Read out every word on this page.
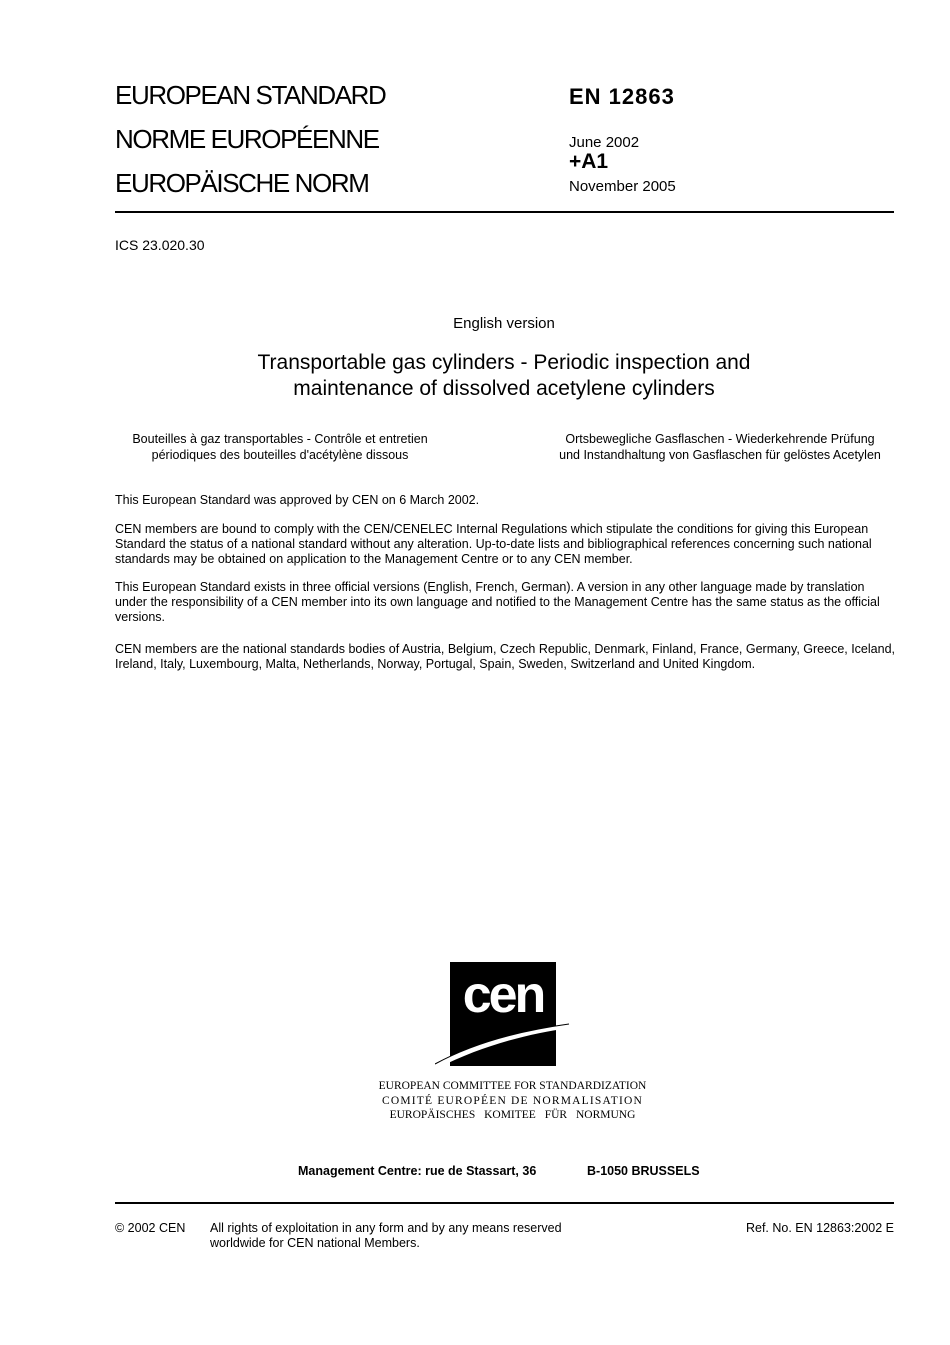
EUROPEAN STANDARD
NORME EUROPÉENNE
EUROPÄISCHE NORM
EN 12863
June 2002
+A1
November 2005
ICS 23.020.30
English version
Transportable gas cylinders - Periodic inspection and
maintenance of dissolved acetylene cylinders
Bouteilles à gaz transportables - Contrôle et entretien
périodiques des bouteilles d'acétylène dissous
Ortsbewegliche Gasflaschen - Wiederkehrende Prüfung
und Instandhaltung von Gasflaschen für gelöstes Acetylen
This European Standard was approved by CEN on 6 March 2002.
CEN members are bound to comply with the CEN/CENELEC Internal Regulations which stipulate the conditions for giving this European Standard the status of a national standard without any alteration. Up-to-date lists and bibliographical references concerning such national standards may be obtained on application to the Management Centre or to any CEN member.
This European Standard exists in three official versions (English, French, German). A version in any other language made by translation under the responsibility of a CEN member into its own language and notified to the Management Centre has the same status as the official versions.
CEN members are the national standards bodies of Austria, Belgium, Czech Republic, Denmark, Finland, France, Germany, Greece, Iceland, Ireland, Italy, Luxembourg, Malta, Netherlands, Norway, Portugal, Spain, Sweden, Switzerland and United Kingdom.
cen
EUROPEAN COMMITTEE FOR STANDARDIZATION
COMITÉ EUROPÉEN DE NORMALISATION
EUROPÄISCHES KOMITEE FÜR NORMUNG
Management Centre: rue de Stassart, 36	B-1050 BRUSSELS
© 2002 CEN All rights of exploitation in any form and by any means reserved
worldwide for CEN national Members.
Ref. No. EN 12863:2002 E
